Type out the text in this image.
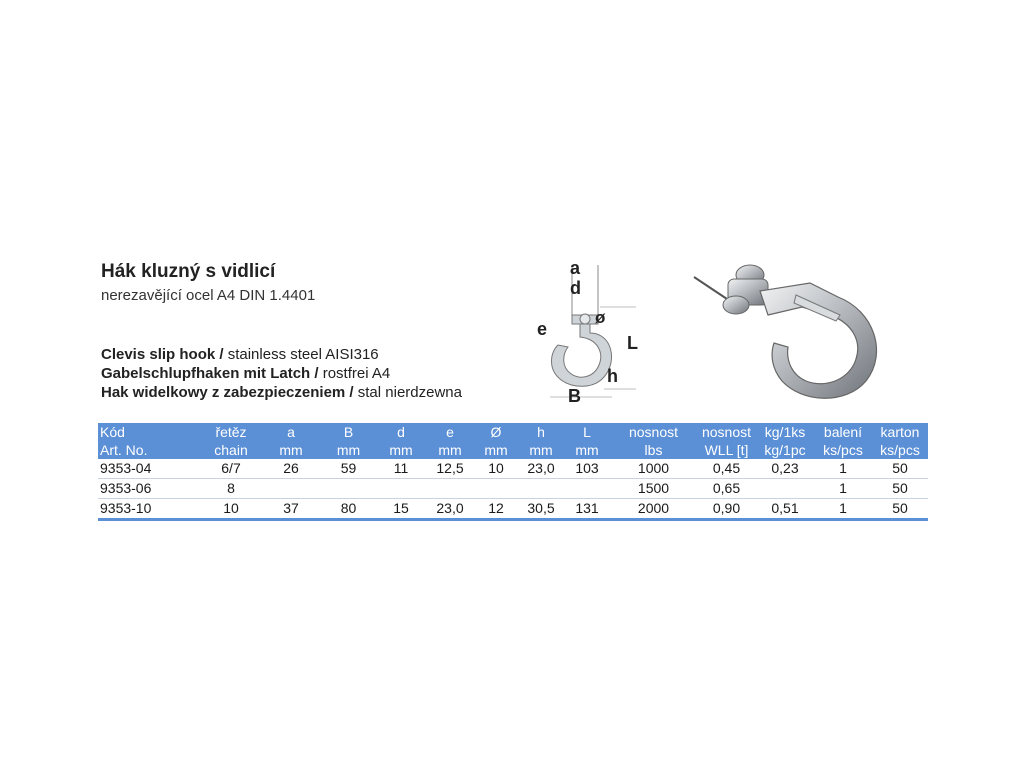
Hák kluzný s vidlicí
nerezavějící ocel A4 DIN 1.4401
Clevis slip hook / stainless steel AISI316
Gabelschlupfhaken mit Latch / rostfrei A4
Hak widelkowy z zabezpieczeniem / stal nierdzewna
a
d
e
ø
L
h
B
Kód	řetěz	a	B	d	e	Ø	h	L	nosnost	nosnost	kg/1ks	balení	karton
Art. No.	chain	mm	mm	mm	mm	mm	mm	mm	lbs	WLL [t]	kg/1pc	ks/pcs	ks/pcs
9353-04	6/7	26	59	11	12,5	10	23,0	103	1000	0,45	0,23	1	50
9353-06	8								1500	0,65		1	50
9353-10	10	37	80	15	23,0	12	30,5	131	2000	0,90	0,51	1	50
